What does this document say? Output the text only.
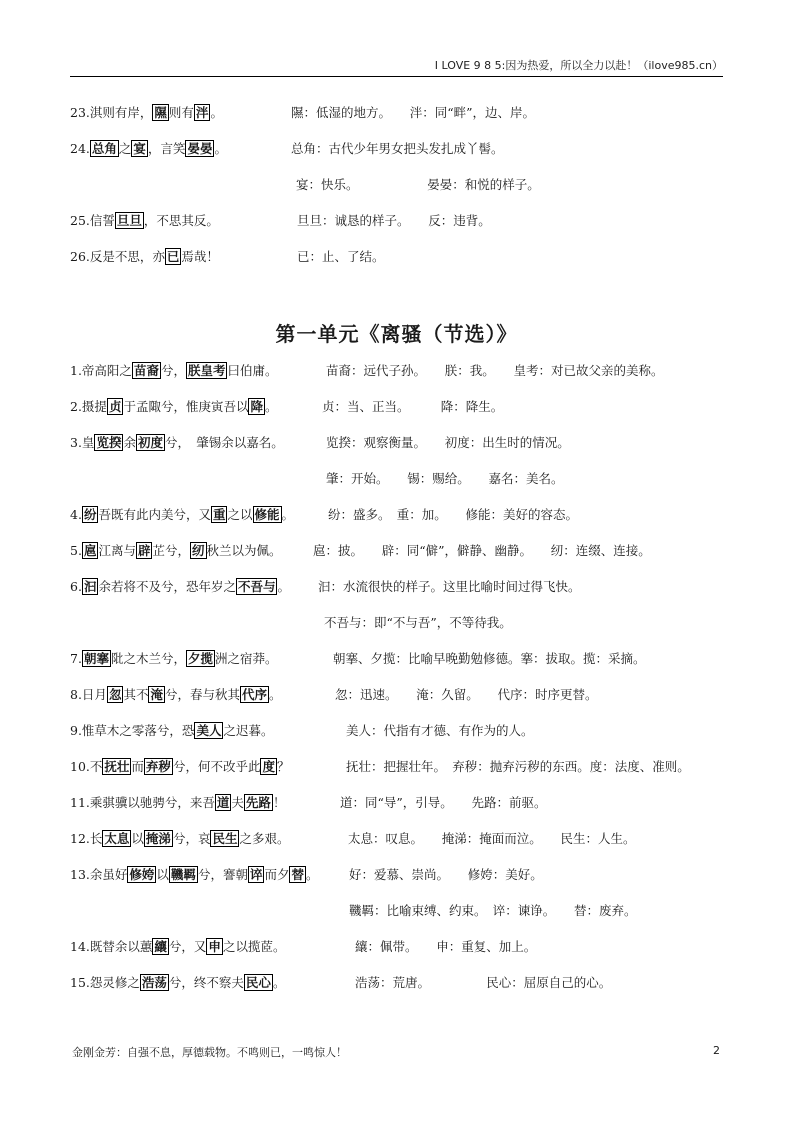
I LOVE 9 8 5:因为热爱，所以全力以赴！（ilove985.cn）
23.淇则有岸， 隰 则有 泮 。	隰：低湿的地方。　　泮：同“畔”，边、岸。
24. 总角 之 宴 ，言笑 晏晏 。	总角：古代少年男女把头发扎成丫髻。
宴：快乐。　　　　　　晏晏：和悦的样子。
25.信誓 旦旦 ，不思其反。	旦旦：诚恳的样子。　　反：违背。
26.反是不思，亦 已 焉哉！	已：止、了结。
第一单元《离骚（节选）》
1.帝高阳之 苗裔 兮， 朕皇考 曰伯庸。	苗裔：远代子孙。　　朕：我。　　皇考：对已故父亲的美称。
2.摄提 贞 于孟陬兮，惟庚寅吾以 降 。	贞：当、正当。　　　降：降生。
3.皇 览揆 余 初度 兮，　肇锡余以嘉名。	览揆：观察衡量。　　初度：出生时的情况。
肇：开始。　　锡：赐给。　　嘉名：美名。
4. 纷 吾既有此内美兮，又 重 之以 修能 。	纷：盛多。　重：加。　　修能：美好的容态。
5. 扈 江离与 辟 芷兮， 纫 秋兰以为佩。	扈：披。　　辟：同“僻”，僻静、幽静。　　纫：连缀、连接。
6. 汩 余若将不及兮，恐年岁之 不吾与 。 汩：水流很快的样子。这里比喻时间过得飞快。
不吾与：即“不与吾”，不等待我。
7. 朝搴 阰之木兰兮， 夕揽 洲之宿莽。	朝搴、夕揽：比喻早晚勤勉修德。搴：拔取。揽：采摘。
8.日月 忽 其不 淹 兮，春与秋其 代序 。	忽：迅速。　　淹：久留。　　代序：时序更替。
9.惟草木之零落兮，恐 美人 之迟暮。	美人：代指有才德、有作为的人。
10.不 抚壮 而 弃秽 兮，何不改乎此 度 ？	抚壮：把握壮年。　弃秽：抛弃污秽的东西。度：法度、准则。
11.乘骐骥以驰骋兮，来吾 道 夫 先路 ！	道：同“导”，引导。　　先路：前驱。
12.长 太息 以 掩涕 兮，哀 民生 之多艰。	太息：叹息。　　掩涕：掩面而泣。　　民生：人生。
13.余虽好 修姱 以 鞿羁 兮，謇朝 谇 而夕 替 。 好：爱慕、崇尚。　　修姱：美好。
鞿羁：比喻束缚、约束。　谇：谏诤。　　替：废弃。
14.既替余以蕙 纕 兮，又 申 之以揽茝。	纕：佩带。　　申：重复、加上。
15.怨灵修之 浩荡 兮，终不察夫 民心 。	浩荡：荒唐。　　　　　民心：屈原自己的心。
金刚金芳：自强不息，厚德载物。不鸣则已，一鸣惊人！	2
